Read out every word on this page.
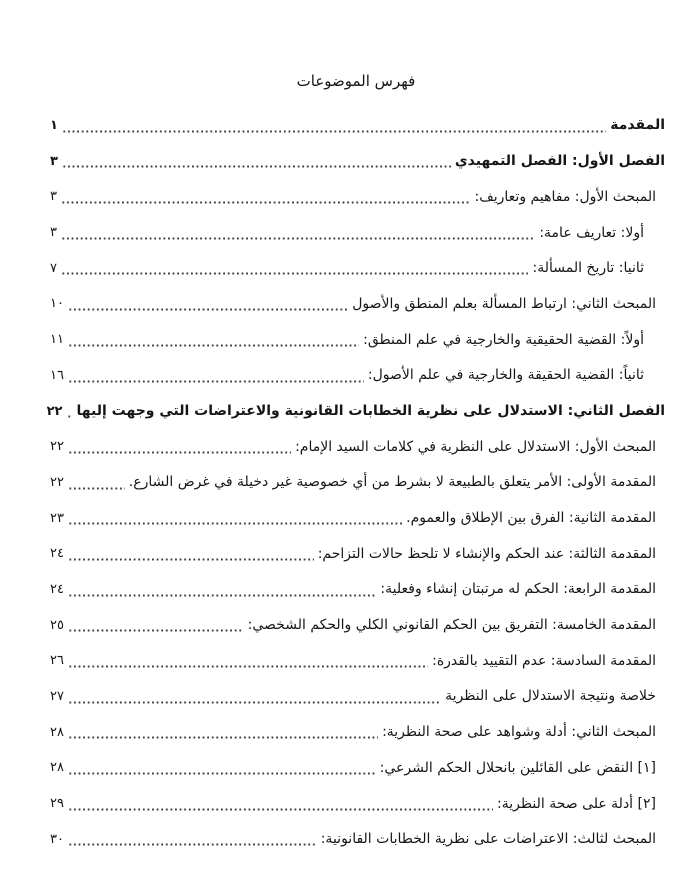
فهرس الموضوعات
المقدمة
١
الفصل الأول: الفصل التمهيدي
٣
المبحث الأول: مفاهيم وتعاريف:
٣
أولا: تعاريف عامة:
٣
ثانيا: تاريخ المسألة:
٧
المبحث الثاني: ارتباط المسألة بعلم المنطق والأصول
١٠
أولاً: القضية الحقيقية والخارجية في علم المنطق:
١١
ثانياً: القضية الحقيقة والخارجية في علم الأصول:
١٦
الفصل الثاني: الاستدلال على نظرية الخطابات القانونية والاعتراضات التي وجهت إليها
٢٢
المبحث الأول: الاستدلال على النظرية في كلامات السيد الإمام:
٢٢
المقدمة الأولى: الأمر يتعلق بالطبيعة لا بشرط من أي خصوصية غير دخيلة في غرض الشارع.
٢٢
المقدمة الثانية: الفرق بين الإطلاق والعموم.
٢٣
المقدمة الثالثة: عند الحكم والإنشاء لا تلحظ حالات التزاحم:
٢٤
المقدمة الرابعة: الحكم له مرتبتان إنشاء وفعلية:
٢٤
المقدمة الخامسة: التفريق بين الحكم القانوني الكلي والحكم الشخصي:
٢٥
المقدمة السادسة: عدم التقييد بالقدرة:
٢٦
خلاصة ونتيجة الاستدلال على النظرية
٢٧
المبحث الثاني: أدلة وشواهد على صحة النظرية:
٢٨
[١] النقض على القائلين بانحلال الحكم الشرعي:
٢٨
[٢] أدلة على صحة النظرية:
٢٩
المبحث لثالث: الاعتراضات على نظرية الخطابات القانونية:
٣٠
